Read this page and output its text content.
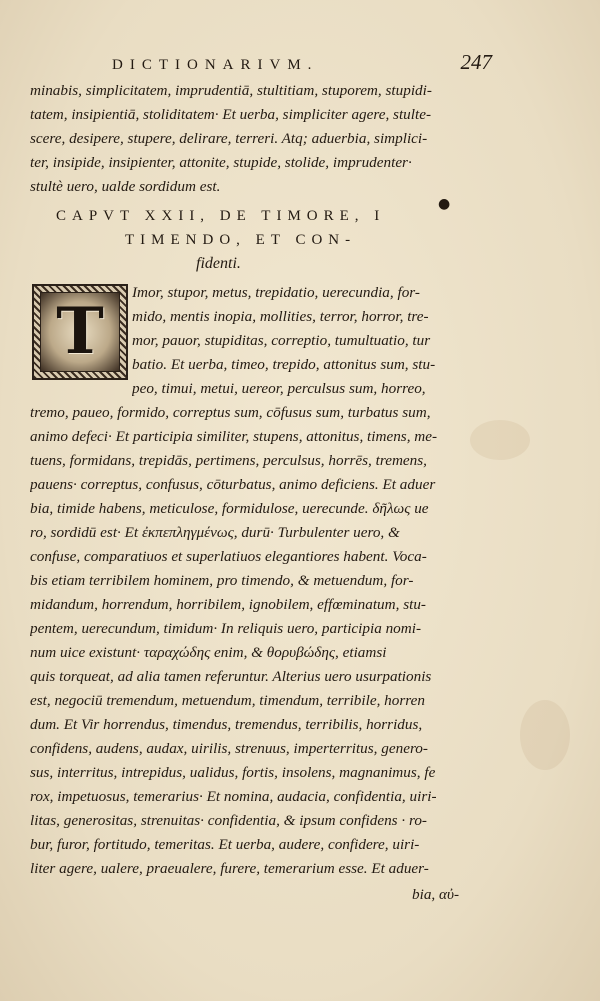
DICTIONARIVM.	247
minabis, simplicitatem, imprudentiā, stultitiam, stuporem, stupidi-
tatem, insipientiā, stoliditatem· Et uerba, simpliciter agere, stulte-
scere, desipere, stupere, delirare, terreri. Atq; aduerbia, simplici-
ter, insipide, insipienter, attonite, stupide, stolide, imprudenter·
stultè uero, ualde sordidum est.
CAPVT XXII, DE TIMORE, I
TIMENDO, ET CON-
fidenti.
●
T
Imor, stupor, metus, trepidatio, uerecundia, for-
mido, mentis inopia, mollities, terror, horror, tre-
mor, pauor, stupiditas, correptio, tumultuatio, tur
batio. Et uerba, timeo, trepido, attonitus sum, stu-
peo, timui, metui, uereor, perculsus sum, horreo,
tremo, paueo, formido, correptus sum, cōfusus sum, turbatus sum,
animo defeci· Et participia similiter, stupens, attonitus, timens, me-
tuens, formidans, trepidās, pertimens, perculsus, horrēs, tremens,
pauens· correptus, confusus, cōturbatus, animo deficiens. Et aduer
bia, timide habens, meticulose, formidulose, uerecunde. δῆλως ue
ro, sordidū est· Et ἐκπεπληγμένως, durū· Turbulenter uero, &
confuse, comparatiuos et superlatiuos elegantiores habent. Voca-
bis etiam terribilem hominem, pro timendo, & metuendum, for-
midandum, horrendum, horribilem, ignobilem, effœminatum, stu-
pentem, uerecundum, timidum· In reliquis uero, participia nomi-
num uice existunt· ταραχώδης enim, & θορυβώδης, etiamsi
quis torqueat, ad alia tamen referuntur. Alterius uero usurpationis
est, negociū tremendum, metuendum, timendum, terribile, horren
dum. Et Vir horrendus, timendus, tremendus, terribilis, horridus,
confidens, audens, audax, uirilis, strenuus, imperterritus, genero-
sus, interritus, intrepidus, ualidus, fortis, insolens, magnanimus, fe
rox, impetuosus, temerarius· Et nomina, audacia, confidentia, uiri-
litas, generositas, strenuitas· confidentia, & ipsum confidens · ro-
bur, furor, fortitudo, temeritas. Et uerba, audere, confidere, uiri-
liter agere, ualere, praeualere, furere, temerarium esse. Et aduer-
bia, αὐ-
